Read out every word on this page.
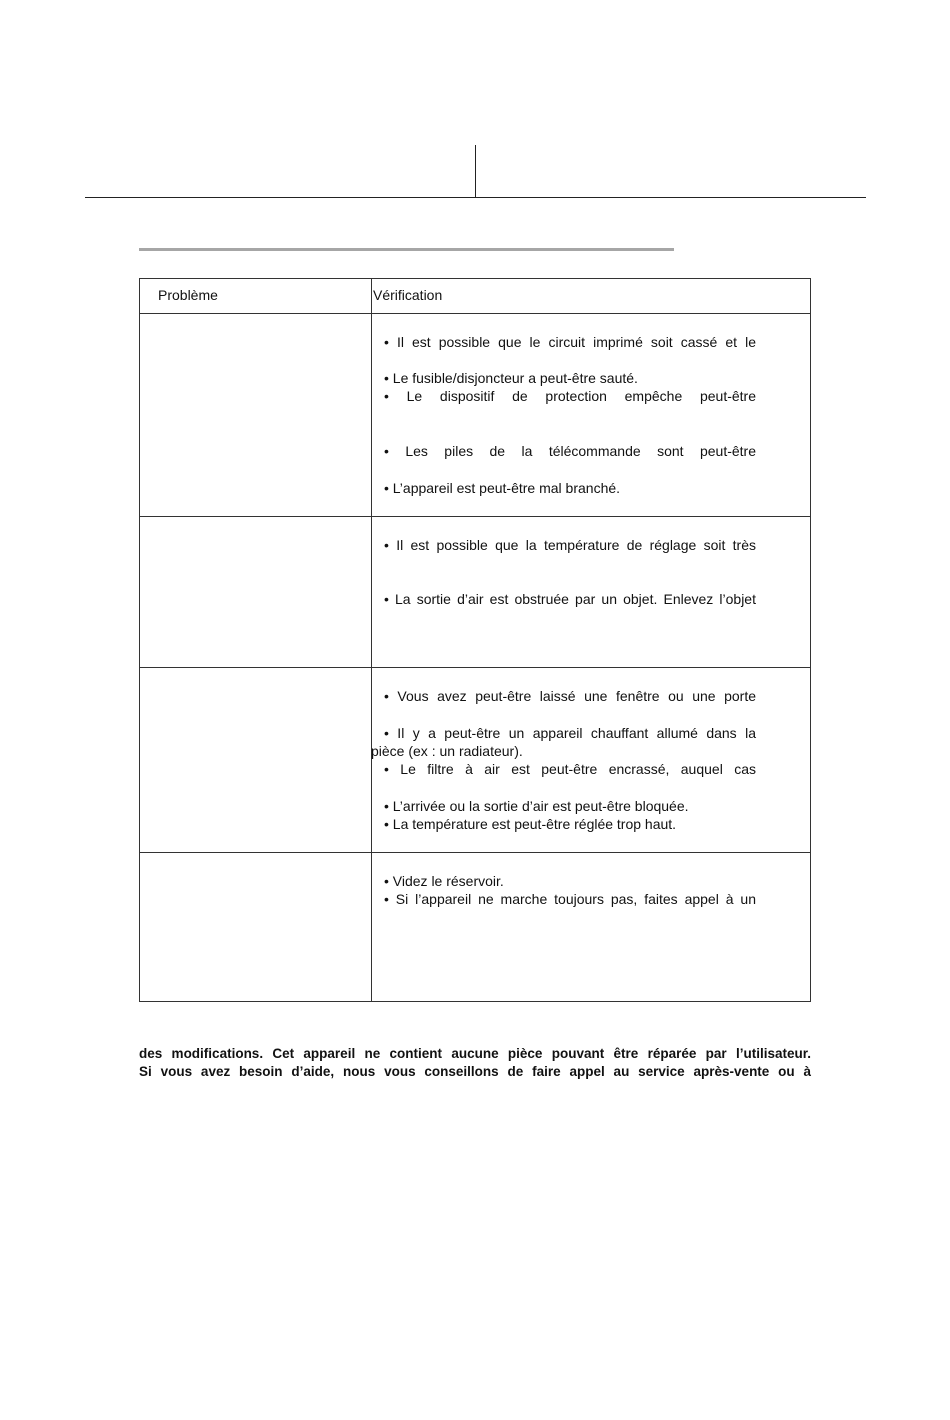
Problème	Vérification
• Il est possible que le circuit imprimé soit cassé et le
• Le fusible/disjoncteur a peut-être sauté.
• Le dispositif de protection empêche peut-être
• Les piles de la télécommande sont peut-être
• L’appareil est peut-être mal branché.
• Il est possible que la température de réglage soit très
• La sortie d’air est obstruée par un objet. Enlevez l’objet
• Vous avez peut-être laissé une fenêtre ou une porte
• Il y a peut-être un appareil chauffant allumé dans la
pièce (ex : un radiateur).
• Le filtre à air est peut-être encrassé, auquel cas
• L’arrivée ou la sortie d’air est peut-être bloquée.
• La température est peut-être réglée trop haut.
• Videz le réservoir.
• Si l’appareil ne marche toujours pas, faites appel à un
des modifications. Cet appareil ne contient aucune pièce pouvant être réparée par l’utilisateur.
Si vous avez besoin d’aide, nous vous conseillons de faire appel au service après-vente ou à
